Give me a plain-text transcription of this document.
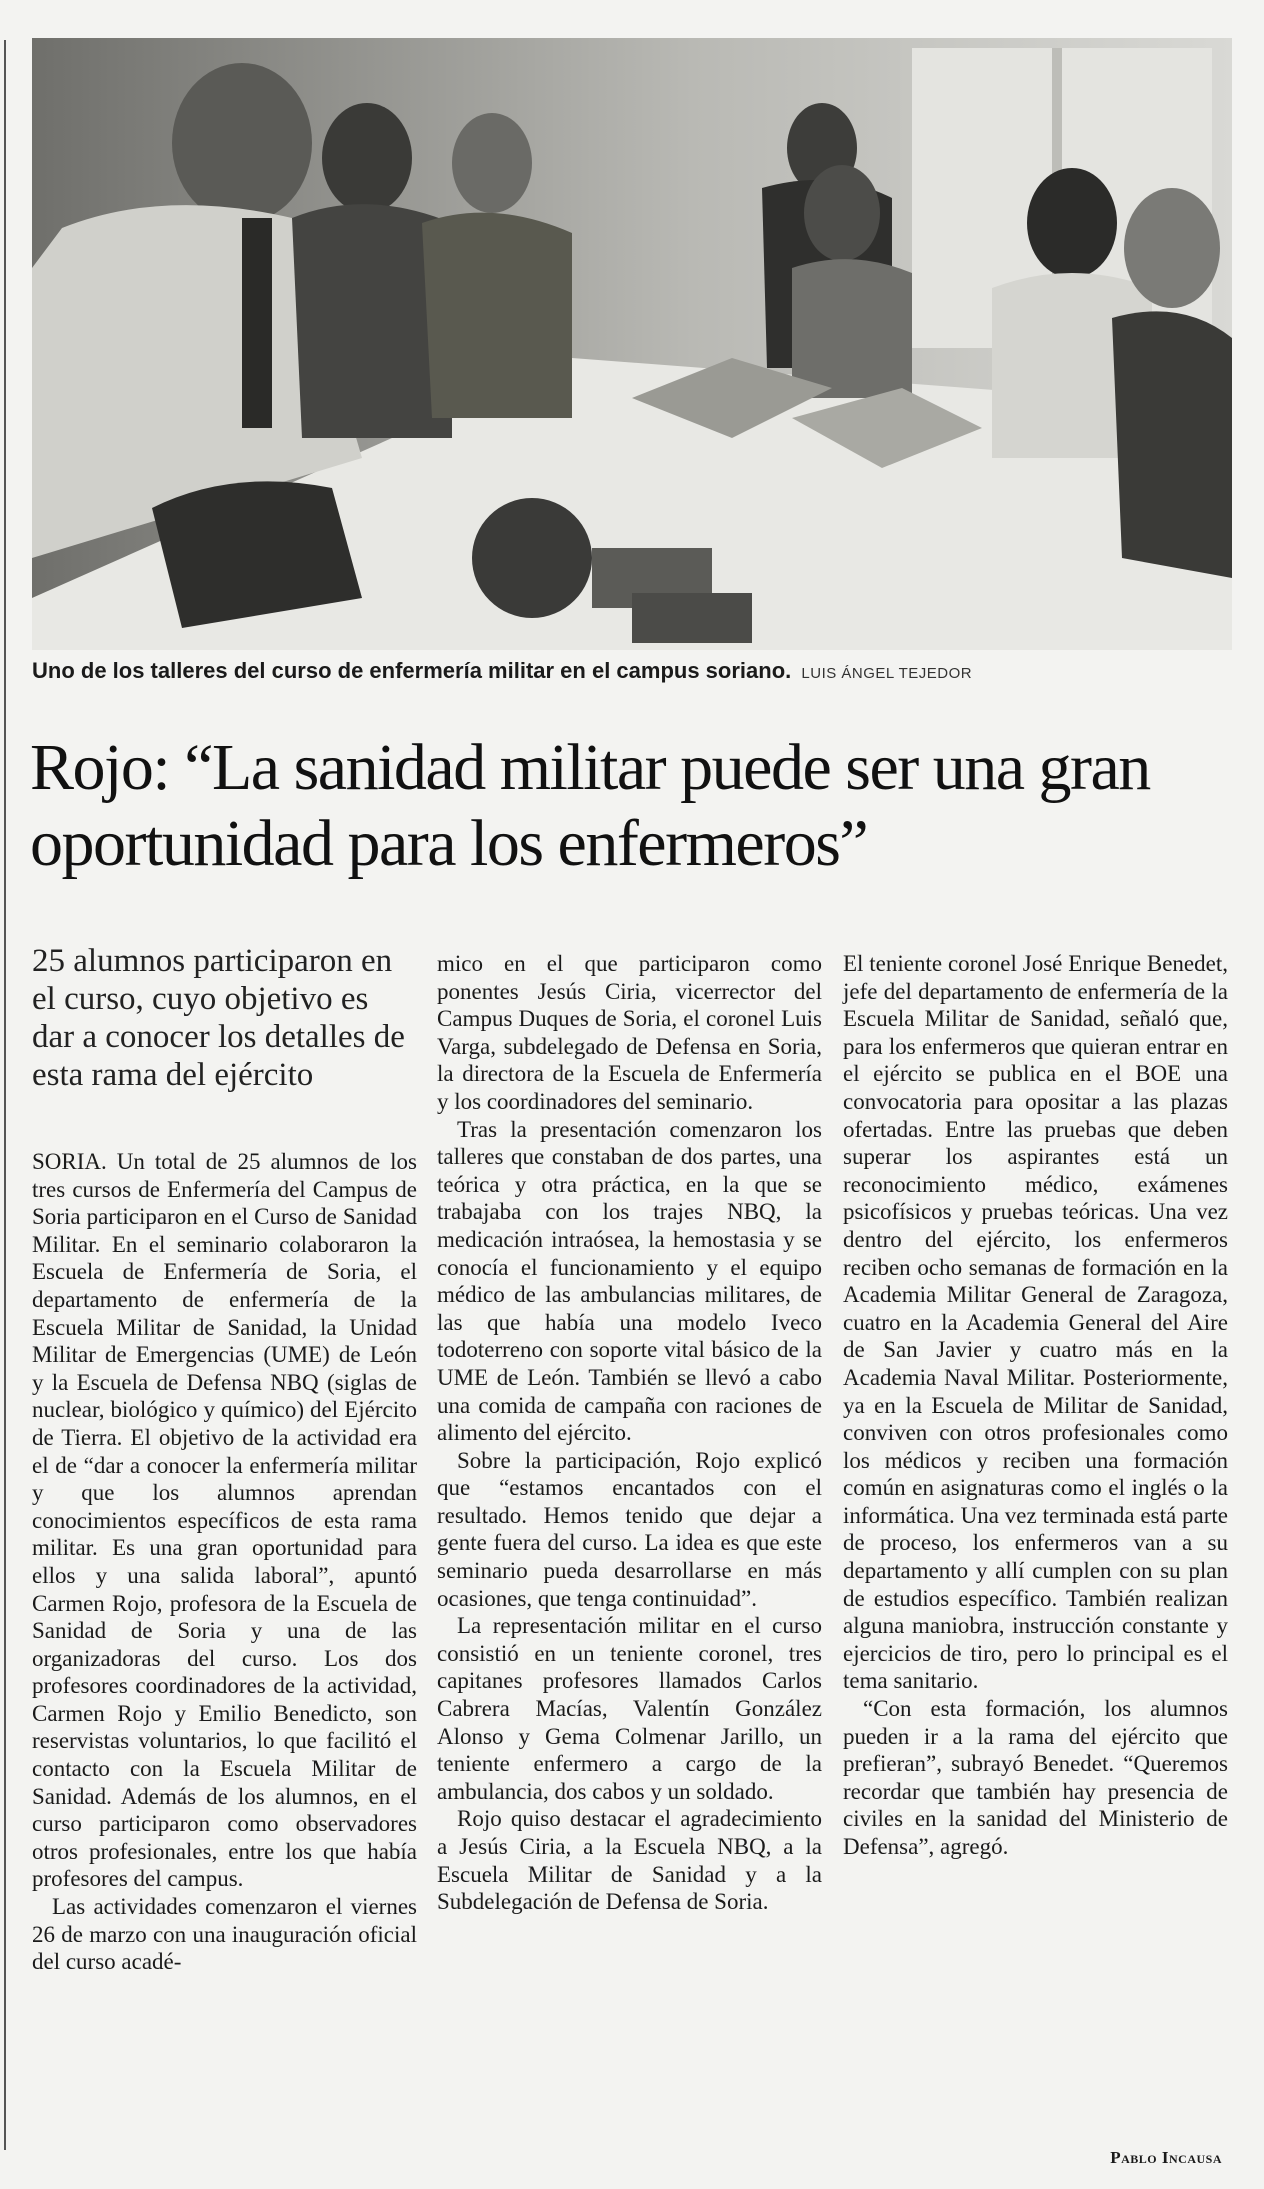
Uno de los talleres del curso de enfermería militar en el campus soriano. LUIS ÁNGEL TEJEDOR
Rojo: “La sanidad militar puede ser una gran oportunidad para los enfermeros”

25 alumnos participaron en el curso, cuyo objetivo es dar a conocer los detalles de esta rama del ejército

SORIA. Un total de 25 alumnos de los tres cursos de Enfermería del Campus de Soria participaron en el Curso de Sanidad Militar. En el seminario colaboraron la Escuela de Enfermería de Soria, el departamento de enfermería de la Escuela Militar de Sanidad, la Unidad Militar de Emergencias (UME) de León y la Escuela de Defensa NBQ (siglas de nuclear, biológico y químico) del Ejército de Tierra. El objetivo de la actividad era el de “dar a conocer la enfermería militar y que los alumnos aprendan conocimientos específicos de esta rama militar. Es una gran oportunidad para ellos y una salida laboral”, apuntó Carmen Rojo, profesora de la Escuela de Sanidad de Soria y una de las organizadoras del curso. Los dos profesores coordinadores de la actividad, Carmen Rojo y Emilio Benedicto, son reservistas voluntarios, lo que facilitó el contacto con la Escuela Militar de Sanidad. Además de los alumnos, en el curso participaron como observadores otros profesionales, entre los que había profesores del campus.

Las actividades comenzaron el viernes 26 de marzo con una inauguración oficial del curso acadé-

mico en el que participaron como ponentes Jesús Ciria, vicerrector del Campus Duques de Soria, el coronel Luis Varga, subdelegado de Defensa en Soria, la directora de la Escuela de Enfermería y los coordinadores del seminario.

Tras la presentación comenzaron los talleres que constaban de dos partes, una teórica y otra práctica, en la que se trabajaba con los trajes NBQ, la medicación intraósea, la hemostasia y se conocía el funcionamiento y el equipo médico de las ambulancias militares, de las que había una modelo Iveco todoterreno con soporte vital básico de la UME de León. También se llevó a cabo una comida de campaña con raciones de alimento del ejército.

Sobre la participación, Rojo explicó que “estamos encantados con el resultado. Hemos tenido que dejar a gente fuera del curso. La idea es que este seminario pueda desarrollarse en más ocasiones, que tenga continuidad”.

La representación militar en el curso consistió en un teniente coronel, tres capitanes profesores llamados Carlos Cabrera Macías, Valentín González Alonso y Gema Colmenar Jarillo, un teniente enfermero a cargo de la ambulancia, dos cabos y un soldado.

Rojo quiso destacar el agradecimiento a Jesús Ciria, a la Escuela NBQ, a la Escuela Militar de Sanidad y a la Subdelegación de Defensa de Soria.

El teniente coronel José Enrique Benedet, jefe del departamento de enfermería de la Escuela Militar de Sanidad, señaló que, para los enfermeros que quieran entrar en el ejército se publica en el BOE una convocatoria para opositar a las plazas ofertadas. Entre las pruebas que deben superar los aspirantes está un reconocimiento médico, exámenes psicofísicos y pruebas teóricas. Una vez dentro del ejército, los enfermeros reciben ocho semanas de formación en la Academia Militar General de Zaragoza, cuatro en la Academia General del Aire de San Javier y cuatro más en la Academia Naval Militar. Posteriormente, ya en la Escuela de Militar de Sanidad, conviven con otros profesionales como los médicos y reciben una formación común en asignaturas como el inglés o la informática. Una vez terminada está parte de proceso, los enfermeros van a su departamento y allí cumplen con su plan de estudios específico. También realizan alguna maniobra, instrucción constante y ejercicios de tiro, pero lo principal es el tema sanitario.

“Con esta formación, los alumnos pueden ir a la rama del ejército que prefieran”, subrayó Benedet. “Queremos recordar que también hay presencia de civiles en la sanidad del Ministerio de Defensa”, agregó.

Pablo Incausa
